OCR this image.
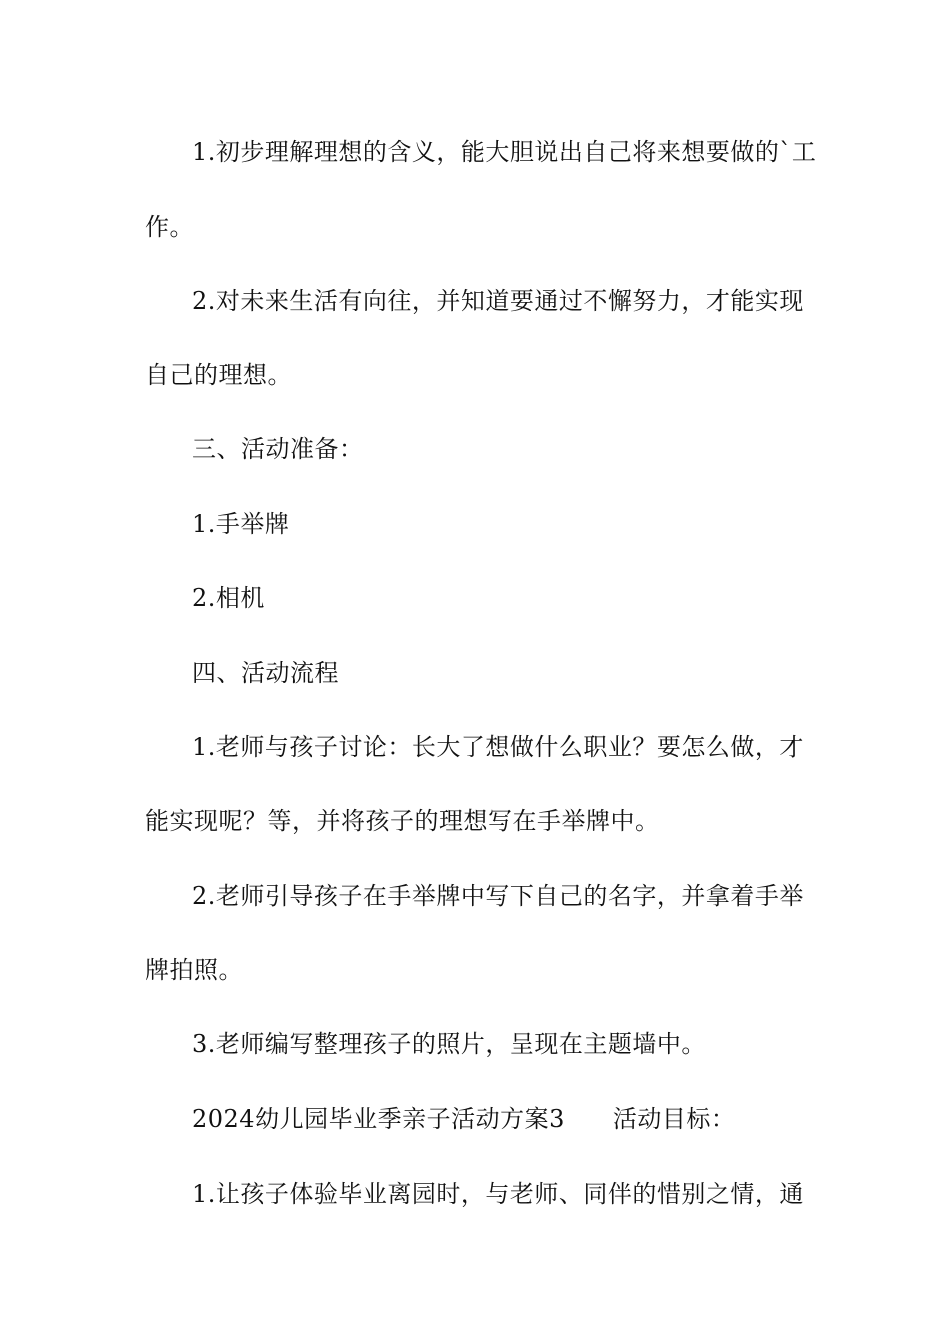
1.初步理解理想的含义，能大胆说出自己将来想要做的`工
作。
2.对未来生活有向往，并知道要通过不懈努力，才能实现
自己的理想。
三、活动准备：
1.手举牌
2.相机
四、活动流程
1.老师与孩子讨论：长大了想做什么职业？要怎么做，才
能实现呢？等，并将孩子的理想写在手举牌中。
2.老师引导孩子在手举牌中写下自己的名字，并拿着手举
牌拍照。
3.老师编写整理孩子的照片，呈现在主题墙中。
2024幼儿园毕业季亲子活动方案3 活动目标：
1.让孩子体验毕业离园时，与老师、同伴的惜别之情，通
